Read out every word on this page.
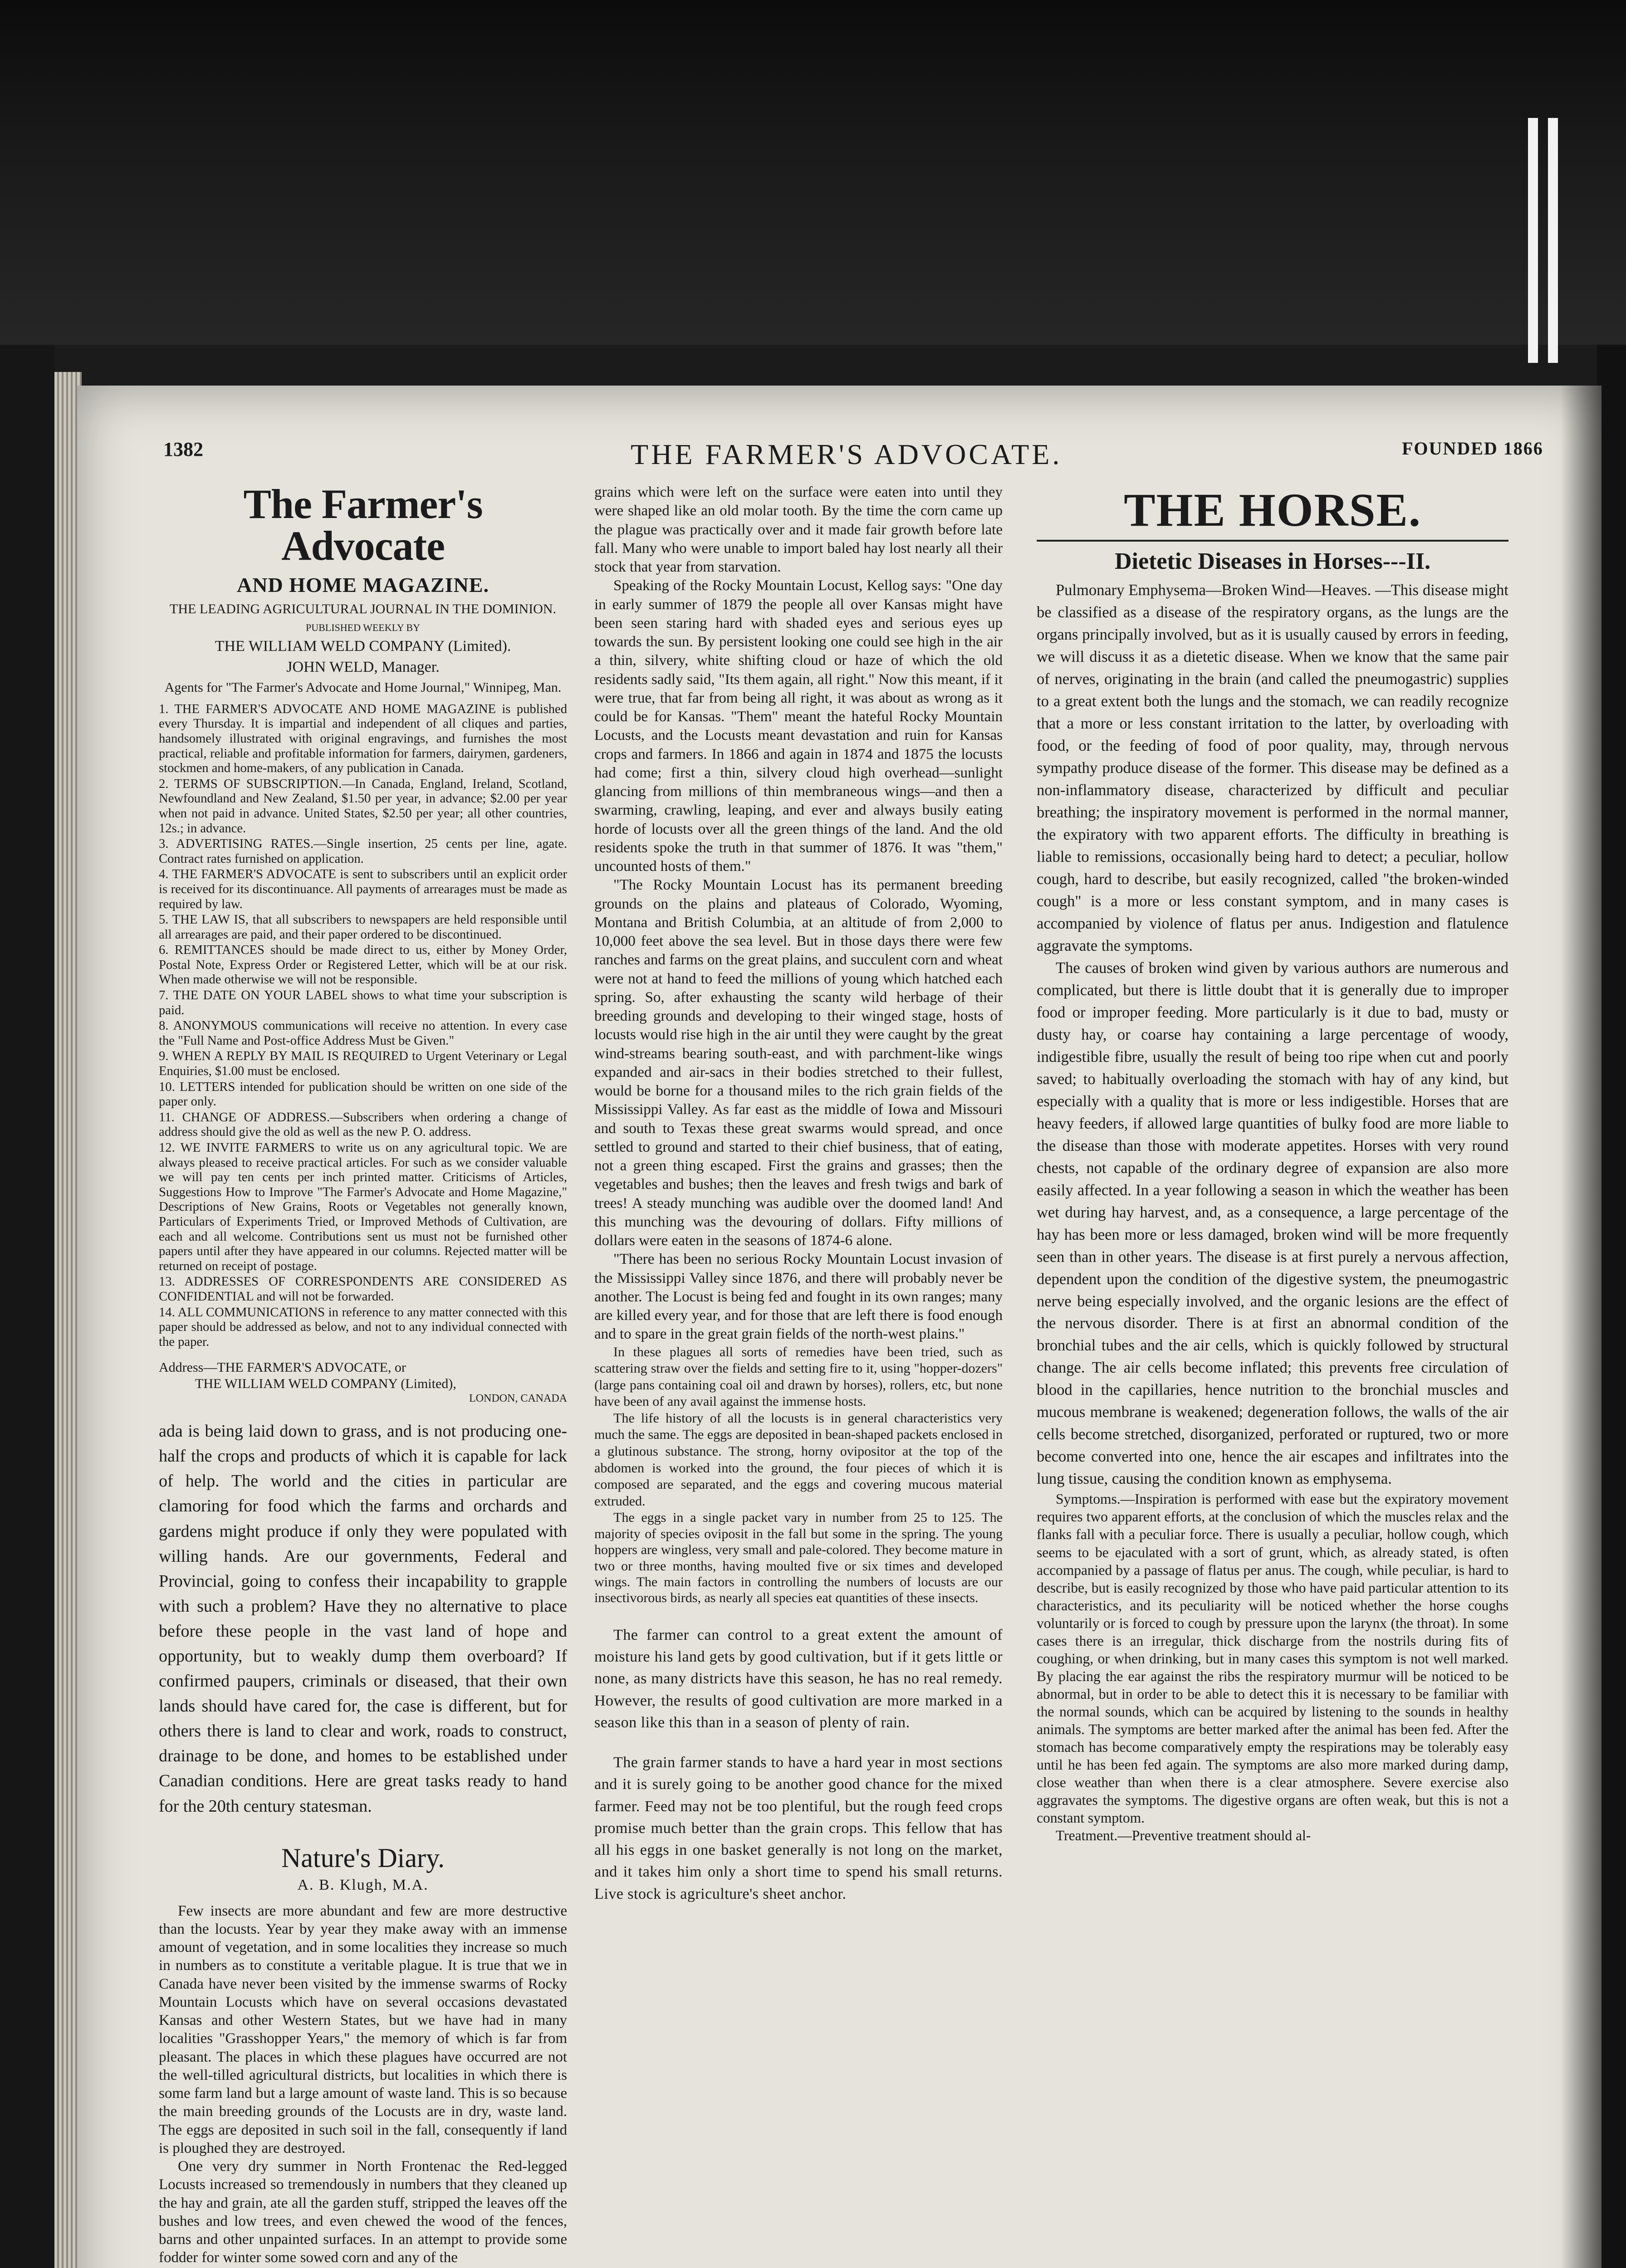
1382	THE FARMER'S ADVOCATE.	FOUNDED 1866
The Farmer's Advocate
AND HOME MAGAZINE.
THE LEADING AGRICULTURAL JOURNAL IN THE DOMINION.
PUBLISHED WEEKLY BY
THE WILLIAM WELD COMPANY (Limited).
JOHN WELD, Manager.
Agents for "The Farmer's Advocate and Home Journal," Winnipeg, Man.
1. THE FARMER'S ADVOCATE AND HOME MAGAZINE is published every Thursday. It is impartial and independent of all cliques and parties, handsomely illustrated with original engravings, and furnishes the most practical, reliable and profitable information for farmers, dairymen, gardeners, stockmen and home-makers, of any publication in Canada.
2. TERMS OF SUBSCRIPTION.—In Canada, England, Ireland, Scotland, Newfoundland and New Zealand, $1.50 per year, in advance; $2.00 per year when not paid in advance. United States, $2.50 per year; all other countries, 12s.; in advance.
3. ADVERTISING RATES.—Single insertion, 25 cents per line, agate. Contract rates furnished on application.
4. THE FARMER'S ADVOCATE is sent to subscribers until an explicit order is received for its discontinuance. All payments of arrearages must be made as required by law.
5. THE LAW IS, that all subscribers to newspapers are held responsible until all arrearages are paid, and their paper ordered to be discontinued.
6. REMITTANCES should be made direct to us, either by Money Order, Postal Note, Express Order or Registered Letter, which will be at our risk. When made otherwise we will not be responsible.
7. THE DATE ON YOUR LABEL shows to what time your subscription is paid.
8. ANONYMOUS communications will receive no attention. In every case the "Full Name and Post-office Address Must be Given."
9. WHEN A REPLY BY MAIL IS REQUIRED to Urgent Veterinary or Legal Enquiries, $1.00 must be enclosed.
10. LETTERS intended for publication should be written on one side of the paper only.
11. CHANGE OF ADDRESS.—Subscribers when ordering a change of address should give the old as well as the new P. O. address.
12. WE INVITE FARMERS to write us on any agricultural topic. We are always pleased to receive practical articles. For such as we consider valuable we will pay ten cents per inch printed matter. Criticisms of Articles, Suggestions How to Improve "The Farmer's Advocate and Home Magazine," Descriptions of New Grains, Roots or Vegetables not generally known, Particulars of Experiments Tried, or Improved Methods of Cultivation, are each and all welcome. Contributions sent us must not be furnished other papers until after they have appeared in our columns. Rejected matter will be returned on receipt of postage.
13. ADDRESSES OF CORRESPONDENTS ARE CONSIDERED AS CONFIDENTIAL and will not be forwarded.
14. ALL COMMUNICATIONS in reference to any matter connected with this paper should be addressed as below, and not to any individual connected with the paper.
Address—THE FARMER'S ADVOCATE, or
THE WILLIAM WELD COMPANY (Limited),
LONDON, CANADA

ada is being laid down to grass, and is not producing one-half the crops and products of which it is capable for lack of help. The world and the cities in particular are clamoring for food which the farms and orchards and gardens might produce if only they were populated with willing hands. Are our governments, Federal and Provincial, going to confess their incapability to grapple with such a problem? Have they no alternative to place before these people in the vast land of hope and opportunity, but to weakly dump them overboard? If confirmed paupers, criminals or diseased, that their own lands should have cared for, the case is different, but for others there is land to clear and work, roads to construct, drainage to be done, and homes to be established under Canadian conditions. Here are great tasks ready to hand for the 20th century statesman.

Nature's Diary.
A. B. Klugh, M.A.

Few insects are more abundant and few are more destructive than the locusts. Year by year they make away with an immense amount of vegetation, and in some localities they increase so much in numbers as to constitute a veritable plague. It is true that we in Canada have never been visited by the immense swarms of Rocky Mountain Locusts which have on several occasions devastated Kansas and other Western States, but we have had in many localities "Grasshopper Years," the memory of which is far from pleasant. The places in which these plagues have occurred are not the well-tilled agricultural districts, but localities in which there is some farm land but a large amount of waste land. This is so because the main breeding grounds of the Locusts are in dry, waste land. The eggs are deposited in such soil in the fall, consequently if land is ploughed they are destroyed.

One very dry summer in North Frontenac the Red-legged Locusts increased so tremendously in numbers that they cleaned up the hay and grain, ate all the garden stuff, stripped the leaves off the bushes and low trees, and even chewed the wood of the fences, barns and other unpainted surfaces. In an attempt to provide some fodder for winter some sowed corn and any of the

grains which were left on the surface were eaten into until they were shaped like an old molar tooth. By the time the corn came up the plague was practically over and it made fair growth before late fall. Many who were unable to import baled hay lost nearly all their stock that year from starvation.

Speaking of the Rocky Mountain Locust, Kellog says: "One day in early summer of 1879 the people all over Kansas might have been seen staring hard with shaded eyes and serious eyes up towards the sun. By persistent looking one could see high in the air a thin, silvery, white shifting cloud or haze of which the old residents sadly said, "Its them again, all right." Now this meant, if it were true, that far from being all right, it was about as wrong as it could be for Kansas. "Them" meant the hateful Rocky Mountain Locusts, and the Locusts meant devastation and ruin for Kansas crops and farmers. In 1866 and again in 1874 and 1875 the locusts had come; first a thin, silvery cloud high overhead—sunlight glancing from millions of thin membraneous wings—and then a swarming, crawling, leaping, and ever and always busily eating horde of locusts over all the green things of the land. And the old residents spoke the truth in that summer of 1876. It was "them," uncounted hosts of them."

"The Rocky Mountain Locust has its permanent breeding grounds on the plains and plateaus of Colorado, Wyoming, Montana and British Columbia, at an altitude of from 2,000 to 10,000 feet above the sea level. But in those days there were few ranches and farms on the great plains, and succulent corn and wheat were not at hand to feed the millions of young which hatched each spring. So, after exhausting the scanty wild herbage of their breeding grounds and developing to their winged stage, hosts of locusts would rise high in the air until they were caught by the great wind-streams bearing south-east, and with parchment-like wings expanded and air-sacs in their bodies stretched to their fullest, would be borne for a thousand miles to the rich grain fields of the Mississippi Valley. As far east as the middle of Iowa and Missouri and south to Texas these great swarms would spread, and once settled to ground and started to their chief business, that of eating, not a green thing escaped. First the grains and grasses; then the vegetables and bushes; then the leaves and fresh twigs and bark of trees! A steady munching was audible over the doomed land! And this munching was the devouring of dollars. Fifty millions of dollars were eaten in the seasons of 1874-6 alone.

"There has been no serious Rocky Mountain Locust invasion of the Mississippi Valley since 1876, and there will probably never be another. The Locust is being fed and fought in its own ranges; many are killed every year, and for those that are left there is food enough and to spare in the great grain fields of the north-west plains."

In these plagues all sorts of remedies have been tried, such as scattering straw over the fields and setting fire to it, using "hopper-dozers" (large pans containing coal oil and drawn by horses), rollers, etc, but none have been of any avail against the immense hosts.

The life history of all the locusts is in general characteristics very much the same. The eggs are deposited in bean-shaped packets enclosed in a glutinous substance. The strong, horny ovipositor at the top of the abdomen is worked into the ground, the four pieces of which it is composed are separated, and the eggs and covering mucous material extruded.

The eggs in a single packet vary in number from 25 to 125. The majority of species oviposit in the fall but some in the spring. The young hoppers are wingless, very small and pale-colored. They become mature in two or three months, having moulted five or six times and developed wings. The main factors in controlling the numbers of locusts are our insectivorous birds, as nearly all species eat quantities of these insects.

The farmer can control to a great extent the amount of moisture his land gets by good cultivation, but if it gets little or none, as many districts have this season, he has no real remedy. However, the results of good cultivation are more marked in a season like this than in a season of plenty of rain.

The grain farmer stands to have a hard year in most sections and it is surely going to be another good chance for the mixed farmer. Feed may not be too plentiful, but the rough feed crops promise much better than the grain crops. This fellow that has all his eggs in one basket generally is not long on the market, and it takes him only a short time to spend his small returns. Live stock is agriculture's sheet anchor.

THE HORSE.
Dietetic Diseases in Horses---II.

Pulmonary Emphysema—Broken Wind—Heaves. —This disease might be classified as a disease of the respiratory organs, as the lungs are the organs principally involved, but as it is usually caused by errors in feeding, we will discuss it as a dietetic disease. When we know that the same pair of nerves, originating in the brain (and called the pneumogastric) supplies to a great extent both the lungs and the stomach, we can readily recognize that a more or less constant irritation to the latter, by overloading with food, or the feeding of food of poor quality, may, through nervous sympathy produce disease of the former. This disease may be defined as a non-inflammatory disease, characterized by difficult and peculiar breathing; the inspiratory movement is performed in the normal manner, the expiratory with two apparent efforts. The difficulty in breathing is liable to remissions, occasionally being hard to detect; a peculiar, hollow cough, hard to describe, but easily recognized, called "the broken-winded cough" is a more or less constant symptom, and in many cases is accompanied by violence of flatus per anus. Indigestion and flatulence aggravate the symptoms.

The causes of broken wind given by various authors are numerous and complicated, but there is little doubt that it is generally due to improper food or improper feeding. More particularly is it due to bad, musty or dusty hay, or coarse hay containing a large percentage of woody, indigestible fibre, usually the result of being too ripe when cut and poorly saved; to habitually overloading the stomach with hay of any kind, but especially with a quality that is more or less indigestible. Horses that are heavy feeders, if allowed large quantities of bulky food are more liable to the disease than those with moderate appetites. Horses with very round chests, not capable of the ordinary degree of expansion are also more easily affected. In a year following a season in which the weather has been wet during hay harvest, and, as a consequence, a large percentage of the hay has been more or less damaged, broken wind will be more frequently seen than in other years. The disease is at first purely a nervous affection, dependent upon the condition of the digestive system, the pneumogastric nerve being especially involved, and the organic lesions are the effect of the nervous disorder. There is at first an abnormal condition of the bronchial tubes and the air cells, which is quickly followed by structural change. The air cells become inflated; this prevents free circulation of blood in the capillaries, hence nutrition to the bronchial muscles and mucous membrane is weakened; degeneration follows, the walls of the air cells become stretched, disorganized, perforated or ruptured, two or more become converted into one, hence the air escapes and infiltrates into the lung tissue, causing the condition known as emphysema.

Symptoms.—Inspiration is performed with ease but the expiratory movement requires two apparent efforts, at the conclusion of which the muscles relax and the flanks fall with a peculiar force. There is usually a peculiar, hollow cough, which seems to be ejaculated with a sort of grunt, which, as already stated, is often accompanied by a passage of flatus per anus. The cough, while peculiar, is hard to describe, but is easily recognized by those who have paid particular attention to its characteristics, and its peculiarity will be noticed whether the horse coughs voluntarily or is forced to cough by pressure upon the larynx (the throat). In some cases there is an irregular, thick discharge from the nostrils during fits of coughing, or when drinking, but in many cases this symptom is not well marked. By placing the ear against the ribs the respiratory murmur will be noticed to be abnormal, but in order to be able to detect this it is necessary to be familiar with the normal sounds, which can be acquired by listening to the sounds in healthy animals. The symptoms are better marked after the animal has been fed. After the stomach has become comparatively empty the respirations may be tolerably easy until he has been fed again. The symptoms are also more marked during damp, close weather than when there is a clear atmosphere. Severe exercise also aggravates the symptoms. The digestive organs are often weak, but this is not a constant symptom.

Treatment.—Preventive treatment should al-
